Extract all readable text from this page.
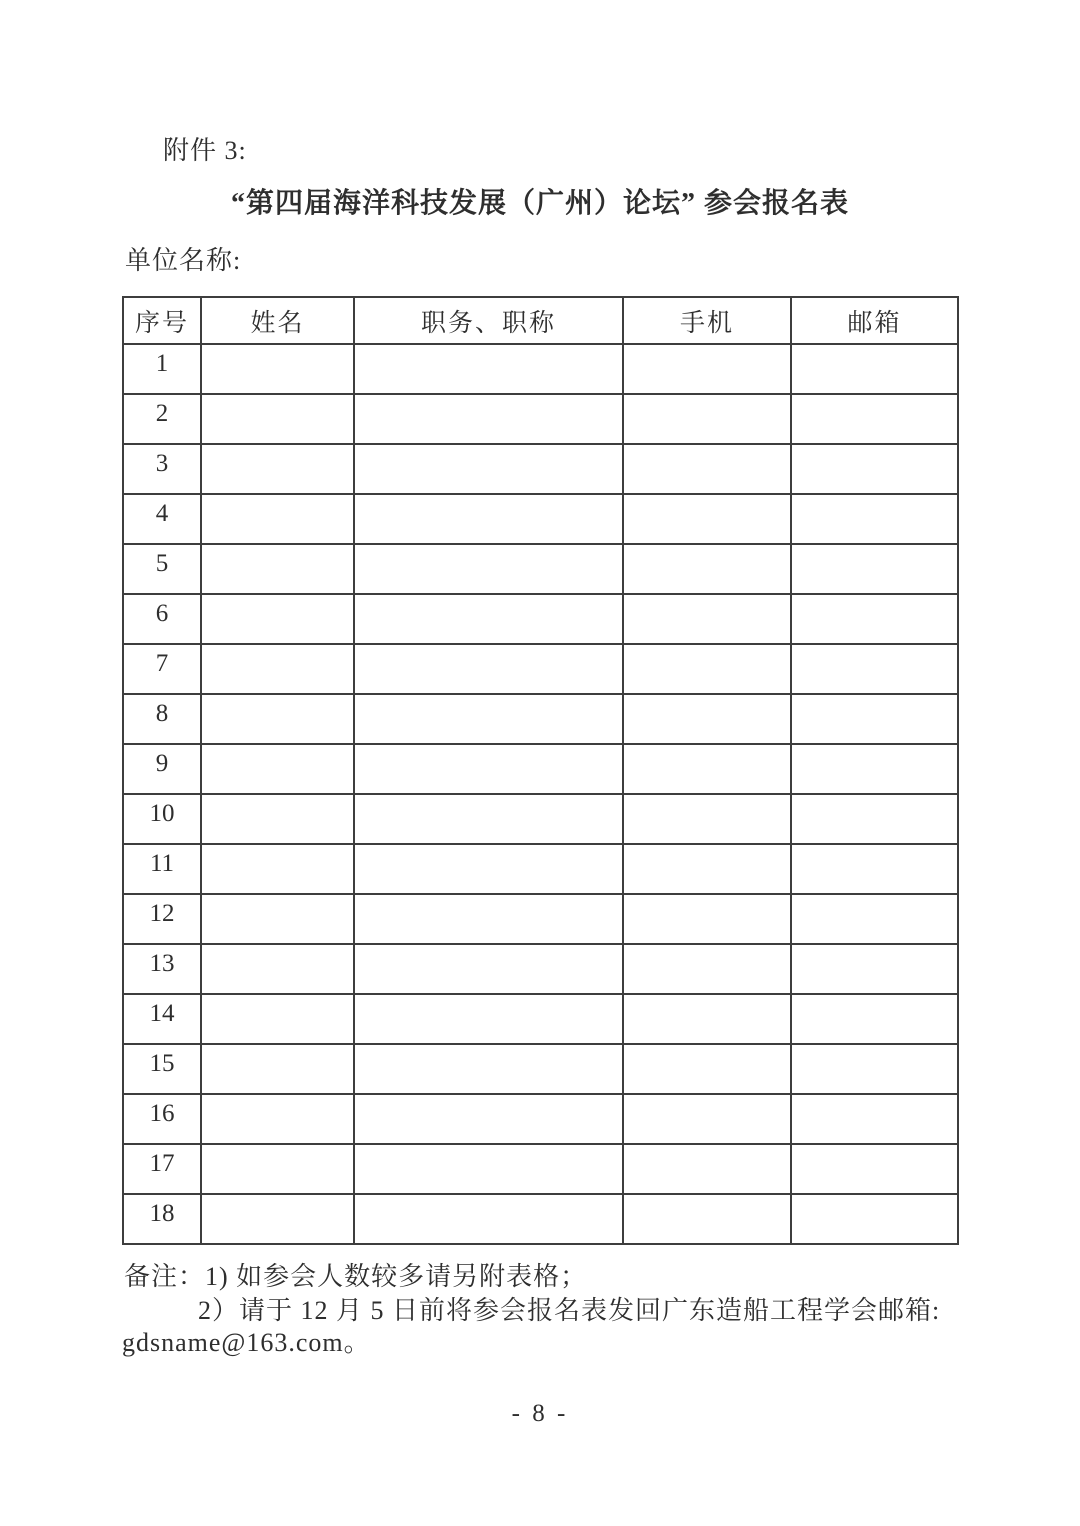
附件 3:
“第四届海洋科技发展（广州）论坛” 参会报名表
单位名称:
序号	姓名	职务、职称	手机	邮箱
1				
2				
3				
4				
5				
6				
7				
8				
9				
10				
11				
12				
13				
14				
15				
16				
17				
18				
备注：1) 如参会人数较多请另附表格；
2）请于 12 月 5 日前将参会报名表发回广东造船工程学会邮箱:
gdsname@163.com。
- 8 -
